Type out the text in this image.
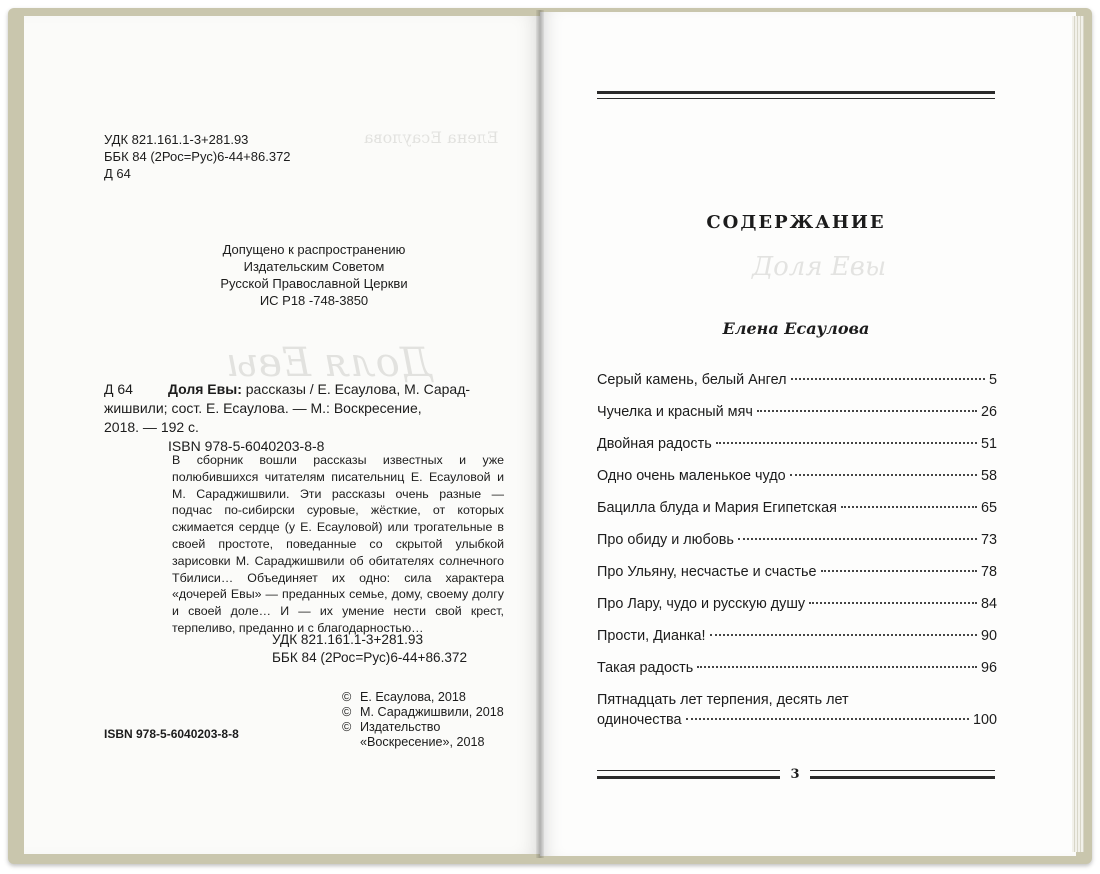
Елена Есаулова
Доля Евы
Доля Евы
УДК 821.161.1-3+281.93
ББК 84 (2Рос=Рус)6-44+86.372
Д 64
Допущено к распространению
Издательским Советом
Русской Православной Церкви
ИС Р18 -748-3850
Д 64	Доля Евы: рассказы / Е. Есаулова, М. Сарад-
жишвили; сост. Е. Есаулова. — М.: Воскресение,
2018. — 192 с.
ISBN 978-5-6040203-8-8
В сборник вошли рассказы известных и уже полюбившихся читателям писательниц Е. Есауловой и М. Сараджишвили. Эти рассказы очень разные — подчас по-сибирски суровые, жёсткие, от которых сжимается сердце (у Е. Есауловой) или трогательные в своей простоте, поведанные со скрытой улыбкой зарисовки М. Сараджишвили об обитателях солнечного Тбилиси… Объединяет их одно: сила характера «дочерей Евы» — преданных семье, дому, своему долгу и своей доле… И — их умение нести свой крест, терпеливо, преданно и с благодарностью…
УДК 821.161.1-3+281.93
ББК 84 (2Рос=Рус)6-44+86.372
© Е. Есаулова, 2018
© М. Сараджишвили, 2018
© Издательство
«Воскресение», 2018
ISBN 978-5-6040203-8-8
СОДЕРЖАНИЕ
Елена Есаулова
Серый камень, белый Ангел	5
Чучелка и красный мяч	26
Двойная радость	51
Одно очень маленькое чудо	58
Бацилла блуда и Мария Египетская	65
Про обиду и любовь	73
Про Ульяну, несчастье и счастье	78
Про Лару, чудо и русскую душу	84
Прости, Дианка!	90
Такая радость	96
Пятнадцать лет терпения, десять лет
одиночества	100
3
